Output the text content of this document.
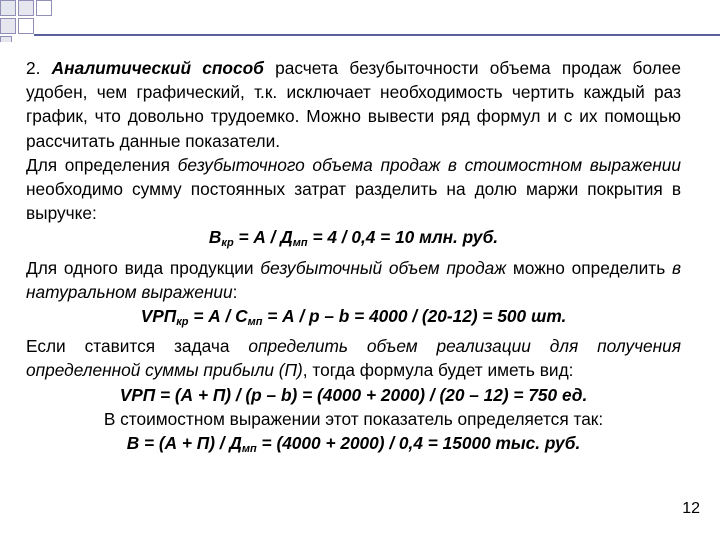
2. Аналитический способ расчета безубыточности объема продаж более удобен, чем графический, т.к. исключает необходимость чертить каждый раз график, что довольно трудоемко. Можно вывести ряд формул и с их помощью рассчитать данные показатели.

Для определения безубыточного объема продаж в стоимостном выражении необходимо сумму постоянных затрат разделить на долю маржи покрытия в выручке:

$В_{кр} = А / Д_{мп} = 4 / 0,4 = 10$ млн. руб.

Для одного вида продукции безубыточный объем продаж можно определить в натуральном выражении:

$VРП_{кр} = А / С_{мп} = А / р - b = 4000 / (20-12) = 500$ шт.

Если ставится задача определить объем реализации для получения определенной суммы прибыли (П), тогда формула будет иметь вид:

VРП = (А + П) / (р – b) = (4000 + 2000) / (20 – 12) = 750 ед.

В стоимостном выражении этот показатель определяется так:

$В = (А + П) / Д_{мп} = (4000 + 2000) / 0,4 = 15000$ тыс. руб.

12
